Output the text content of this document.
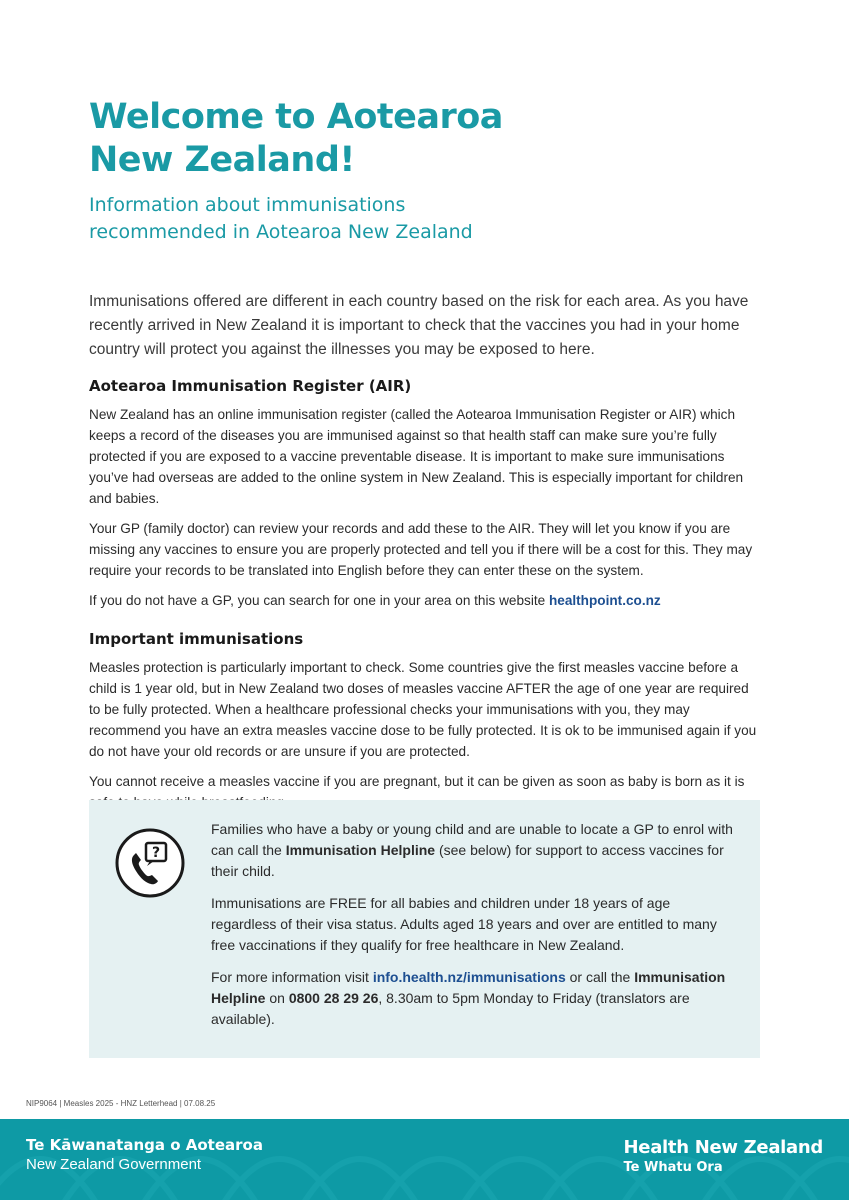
Welcome to Aotearoa
New Zealand!
Information about immunisations
recommended in Aotearoa New Zealand

Immunisations offered are different in each country based on the risk for each area. As you have recently arrived in New Zealand it is important to check that the vaccines you had in your home country will protect you against the illnesses you may be exposed to here.

Aotearoa Immunisation Register (AIR)

New Zealand has an online immunisation register (called the Aotearoa Immunisation Register or AIR) which keeps a record of the diseases you are immunised against so that health staff can make sure you’re fully protected if you are exposed to a vaccine preventable disease. It is important to make sure immunisations you’ve had overseas are added to the online system in New Zealand. This is especially important for children and babies.

Your GP (family doctor) can review your records and add these to the AIR. They will let you know if you are missing any vaccines to ensure you are properly protected and tell you if there will be a cost for this. They may require your records to be translated into English before they can enter these on the system.

If you do not have a GP, you can search for one in your area on this website healthpoint.co.nz

Important immunisations

Measles protection is particularly important to check. Some countries give the first measles vaccine before a child is 1 year old, but in New Zealand two doses of measles vaccine AFTER the age of one year are required to be fully protected. When a healthcare professional checks your immunisations with you, they may recommend you have an extra measles vaccine dose to be fully protected. It is ok to be immunised again if you do not have your old records or are unsure if you are protected.

You cannot receive a measles vaccine if you are pregnant, but it can be given as soon as baby is born as it is

?

Families who have a baby or young child and are unable to locate a GP to enrol with can call the Immunisation Helpline (see below) for support to access vaccines for their child.

Immunisations are FREE for all babies and children under 18 years of age regardless of their visa status. Adults aged 18 years and over are entitled to many free vaccinations if they qualify for free healthcare in New Zealand.

For more information visit info.health.nz/immunisations or call the Immunisation Helpline on 0800 28 29 26, 8.30am to 5pm Monday to Friday (translators are available).

NIP9064 | Measles 2025 - HNZ Letterhead | 07.08.25
Te Kāwanatanga o Aotearoa
New Zealand Government
Health New Zealand
Te Whatu Ora
